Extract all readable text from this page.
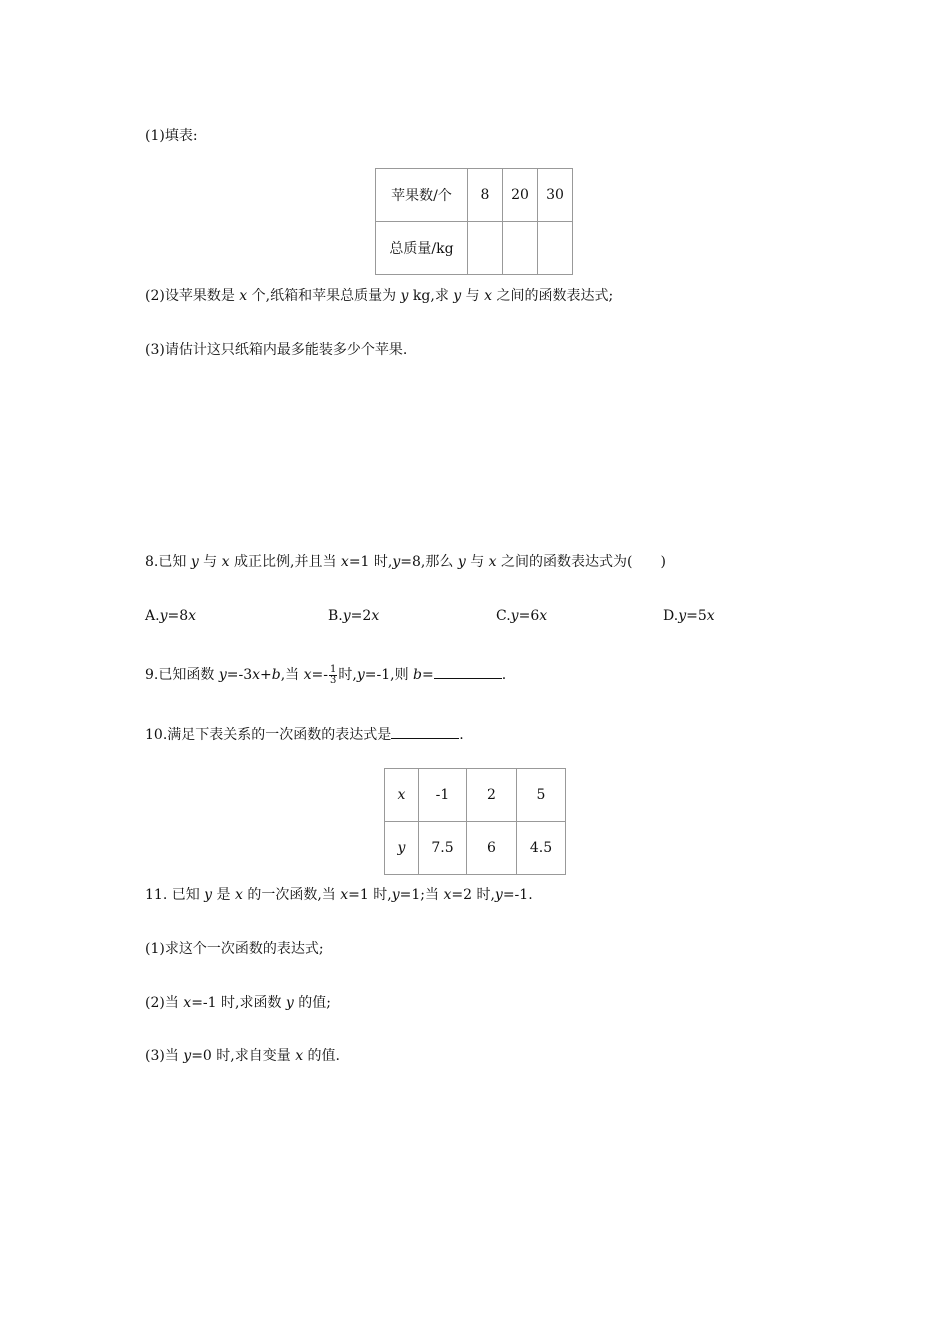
(1)填表:
苹果数/个	8	20	30
总质量/kg			
(2)设苹果数是 x 个,纸箱和苹果总质量为 y kg,求 y 与 x 之间的函数表达式;
(3)请估计这只纸箱内最多能装多少个苹果.
8.已知 y 与 x 成正比例,并且当 x=1 时,y=8,那么 y 与 x 之间的函数表达式为(　　)
A.y=8x	B.y=2x	C.y=6x	D.y=5x
9.已知函数 y=-3x+b,当 $x=- \frac{1}{3}$ 时,y=-1,则 b=	.
10.满足下表关系的一次函数的表达式是	.
x	-1	2	5
y	7.5	6	4.5
11. 已知 y 是 x 的一次函数,当 x=1 时,y=1;当 x=2 时,y=-1.
(1)求这个一次函数的表达式;
(2)当 x=-1 时,求函数 y 的值;
(3)当 y=0 时,求自变量 x 的值.
